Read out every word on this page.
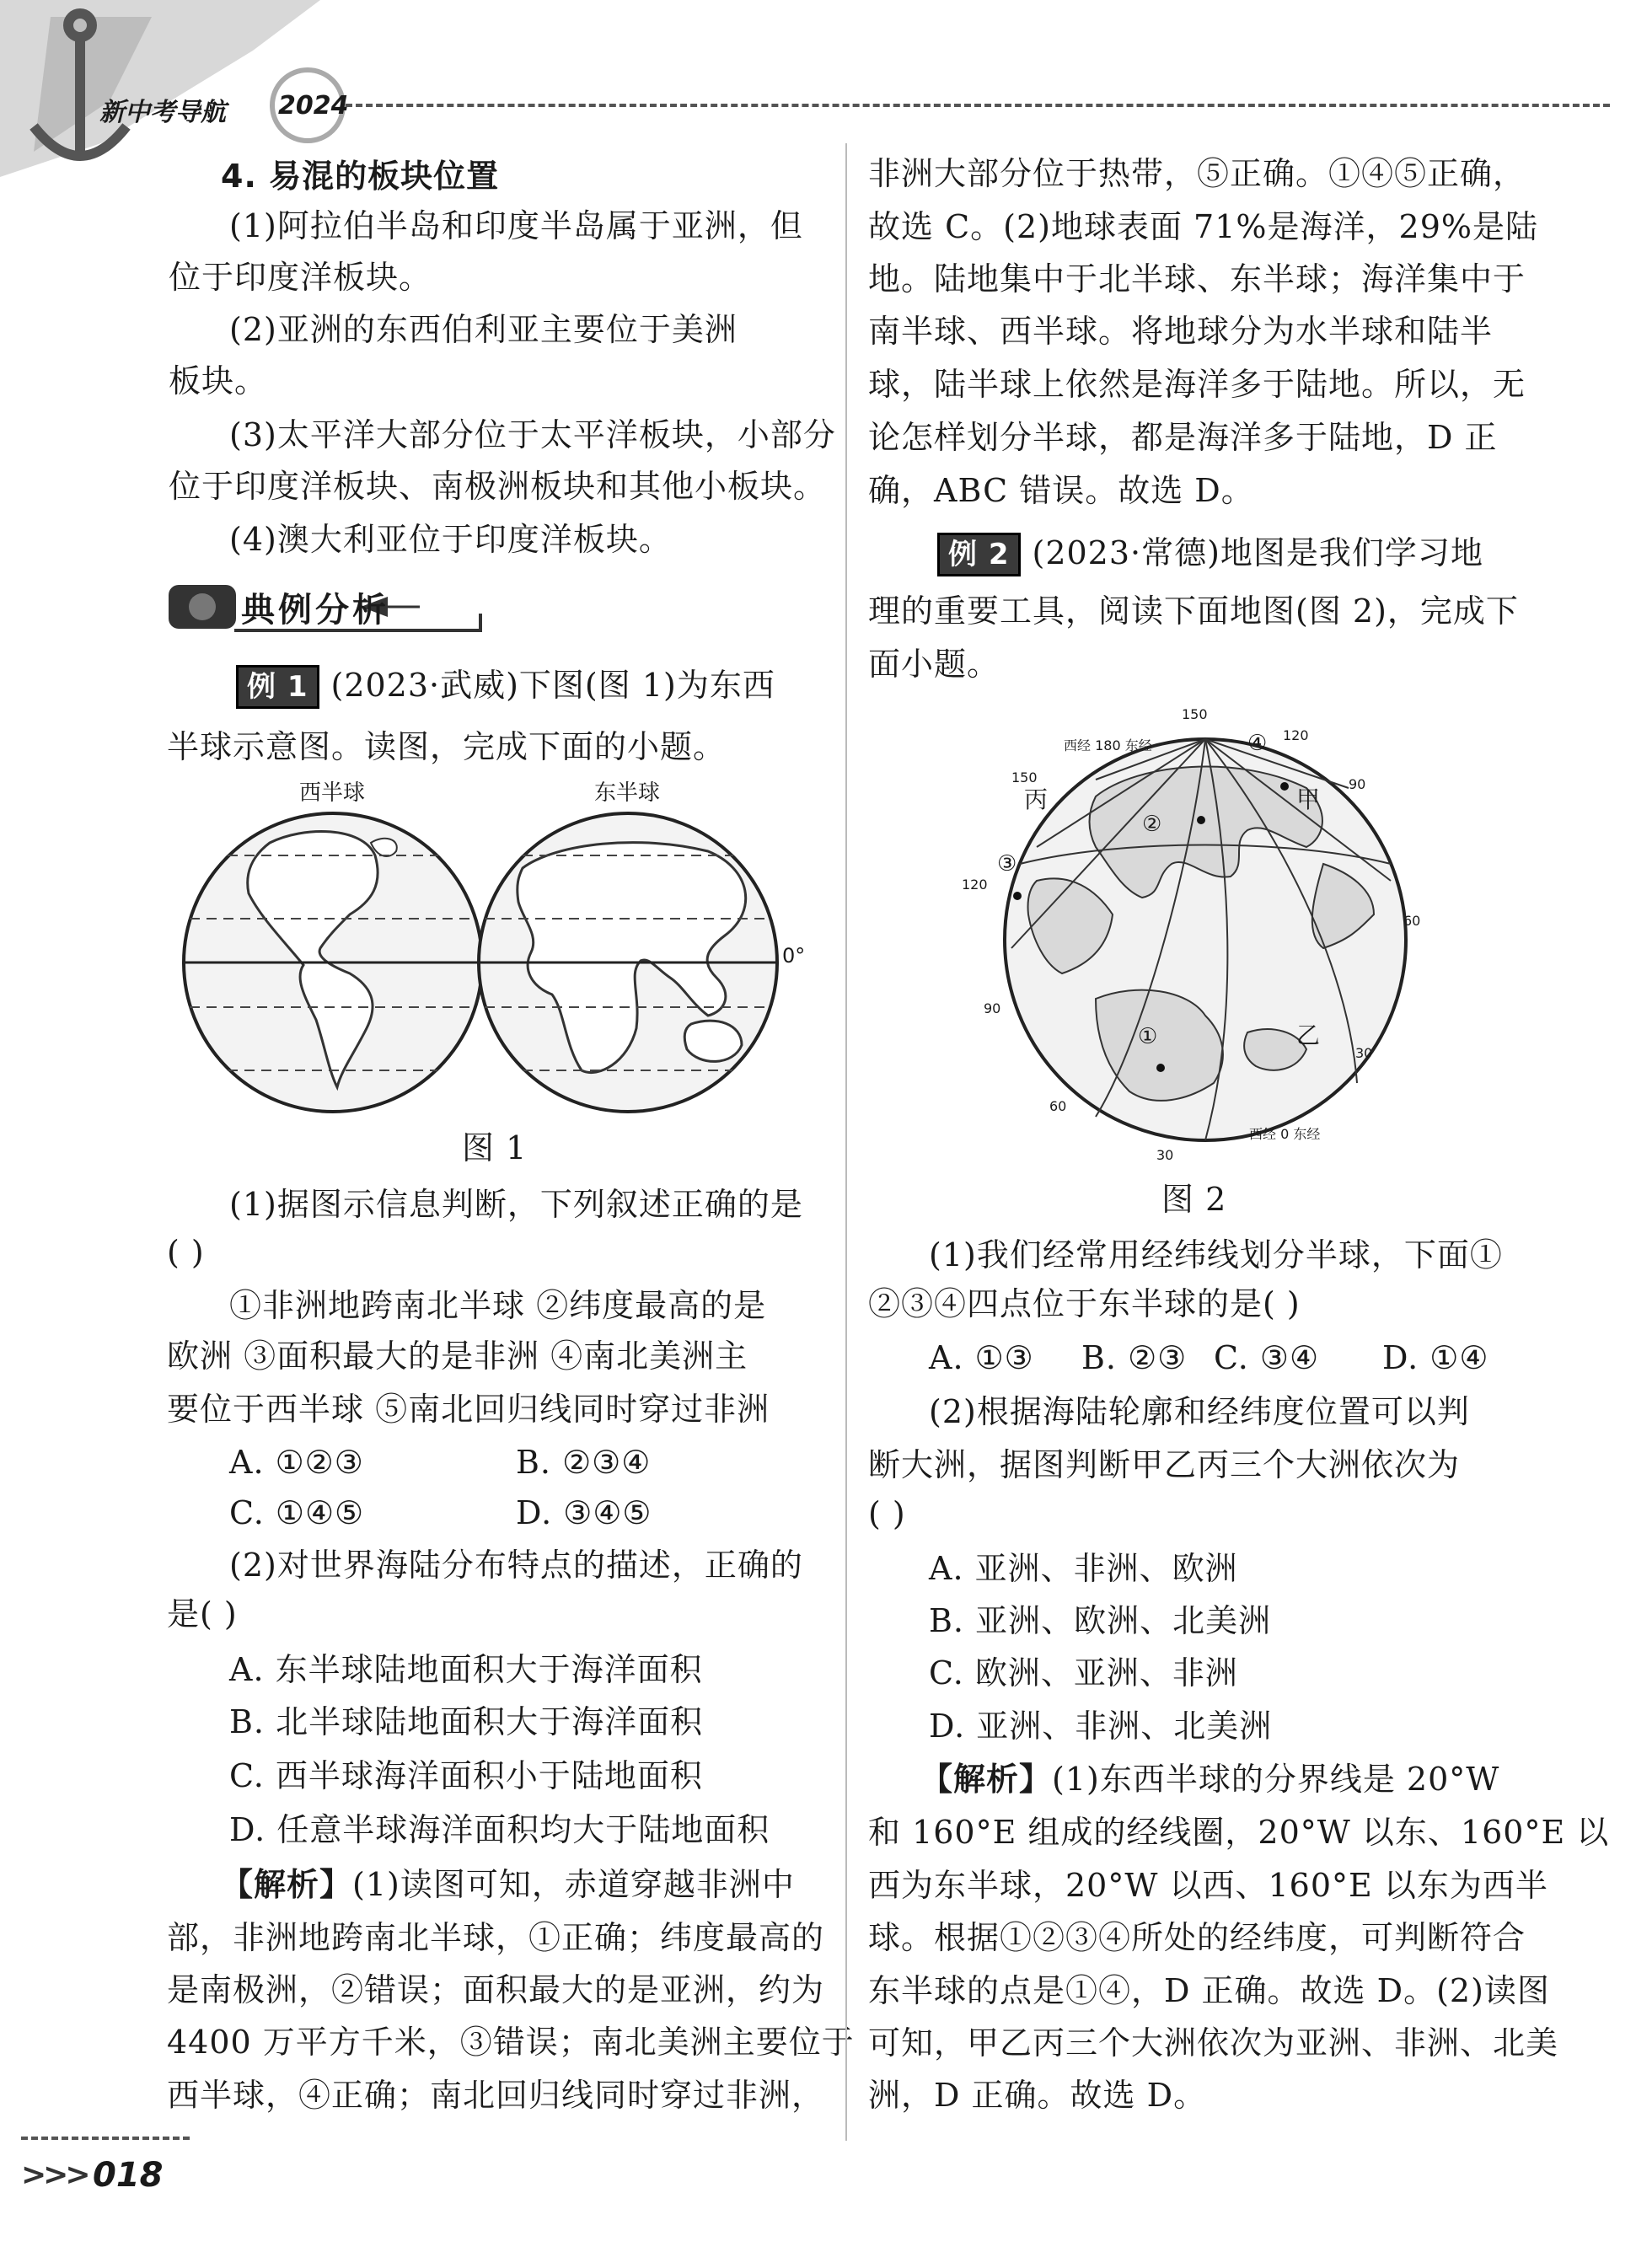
新中考导航 2024
4. 易混的板块位置
(1)阿拉伯半岛和印度半岛属于亚洲，但
位于印度洋板块。
(2)亚洲的东西伯利亚主要位于美洲
板块。
(3)太平洋大部分位于太平洋板块，小部分
位于印度洋板块、南极洲板块和其他小板块。
(4)澳大利亚位于印度洋板块。
典例分析
例 1 (2023·武威)下图(图 1)为东西
半球示意图。读图，完成下面的小题。
西半球	东半球
0°
图 1
(1)据图示信息判断，下列叙述正确的是
( )
①非洲地跨南北半球 ②纬度最高的是
欧洲 ③面积最大的是非洲 ④南北美洲主
要位于西半球 ⑤南北回归线同时穿过非洲
A. ①②③	B. ②③④
C. ①④⑤	D. ③④⑤
(2)对世界海陆分布特点的描述，正确的
是( )
A. 东半球陆地面积大于海洋面积
B. 北半球陆地面积大于海洋面积
C. 西半球海洋面积小于陆地面积
D. 任意半球海洋面积均大于陆地面积
【解析】(1)读图可知，赤道穿越非洲中
部，非洲地跨南北半球，①正确；纬度最高的
是南极洲，②错误；面积最大的是亚洲，约为
4400 万平方千米，③错误；南北美洲主要位于
西半球，④正确；南北回归线同时穿过非洲，
非洲大部分位于热带，⑤正确。①④⑤正确，
故选 C。(2)地球表面 71%是海洋，29%是陆
地。陆地集中于北半球、东半球；海洋集中于
南半球、西半球。将地球分为水半球和陆半
球，陆半球上依然是海洋多于陆地。所以，无
论怎样划分半球，都是海洋多于陆地，D 正
确，ABC 错误。故选 D。
例 2 (2023·常德)地图是我们学习地
理的重要工具，阅读下面地图(图 2)，完成下
面小题。
西经 180 东经
150
120
90
60
30
150
120
90
60
30
西经 0 东经
甲
乙
丙
①
②
③
④
图 2
(1)我们经常用经纬线划分半球，下面①
②③④四点位于东半球的是( )
A. ①③ B. ②③ C. ③④ D. ①④
(2)根据海陆轮廓和经纬度位置可以判
断大洲，据图判断甲乙丙三个大洲依次为
( )
A. 亚洲、非洲、欧洲
B. 亚洲、欧洲、北美洲
C. 欧洲、亚洲、非洲
D. 亚洲、非洲、北美洲
【解析】(1)东西半球的分界线是 20°W
和 160°E 组成的经线圈，20°W 以东、160°E 以
西为东半球，20°W 以西、160°E 以东为西半
球。根据①②③④所处的经纬度，可判断符合
东半球的点是①④，D 正确。故选 D。(2)读图
可知，甲乙丙三个大洲依次为亚洲、非洲、北美
洲，D 正确。故选 D。
>>> 018
